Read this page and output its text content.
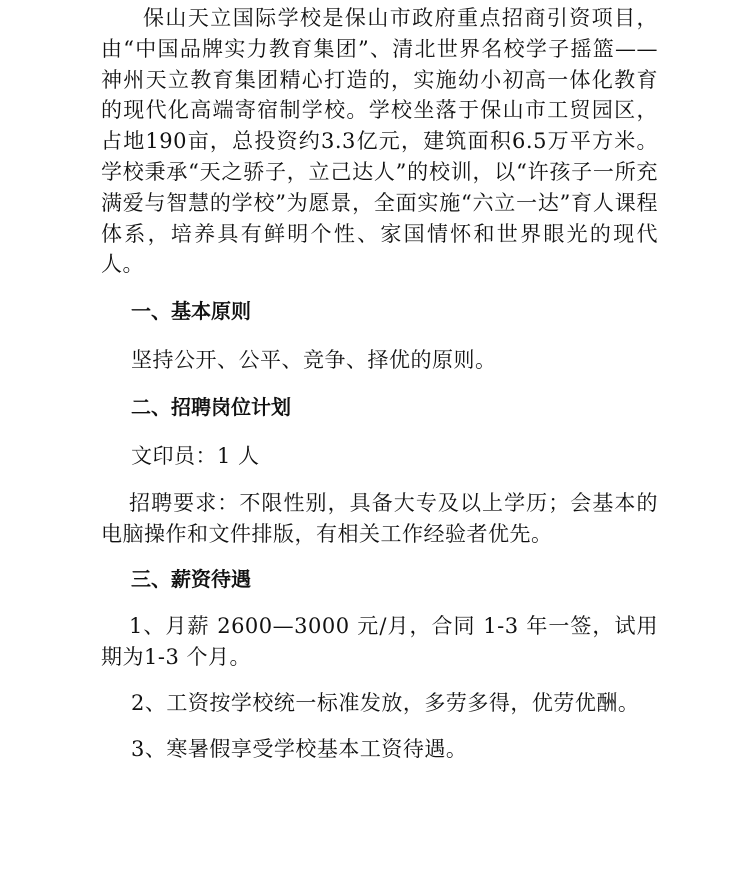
保山天立国际学校是保山市政府重点招商引资项目，由“中国品牌实力教育集团”、清北世界名校学子摇篮——神州天立教育集团精心打造的，实施幼小初高一体化教育的现代化高端寄宿制学校。学校坐落于保山市工贸园区，占地190亩，总投资约3.3亿元，建筑面积6.5万平方米。学校秉承“天之骄子，立己达人”的校训，以“许孩子一所充满爱与智慧的学校”为愿景，全面实施“六立一达”育人课程体系，培养具有鲜明个性、家国情怀和世界眼光的现代人。

一、基本原则

坚持公开、公平、竞争、择优的原则。

二、招聘岗位计划

文印员：1 人

招聘要求：不限性别，具备大专及以上学历；会基本的电脑操作和文件排版，有相关工作经验者优先。

三、薪资待遇

1、月薪 2600—3000 元/月，合同 1-3 年一签，试用期为1-3 个月。

2、工资按学校统一标准发放，多劳多得，优劳优酬。

3、寒暑假享受学校基本工资待遇。
